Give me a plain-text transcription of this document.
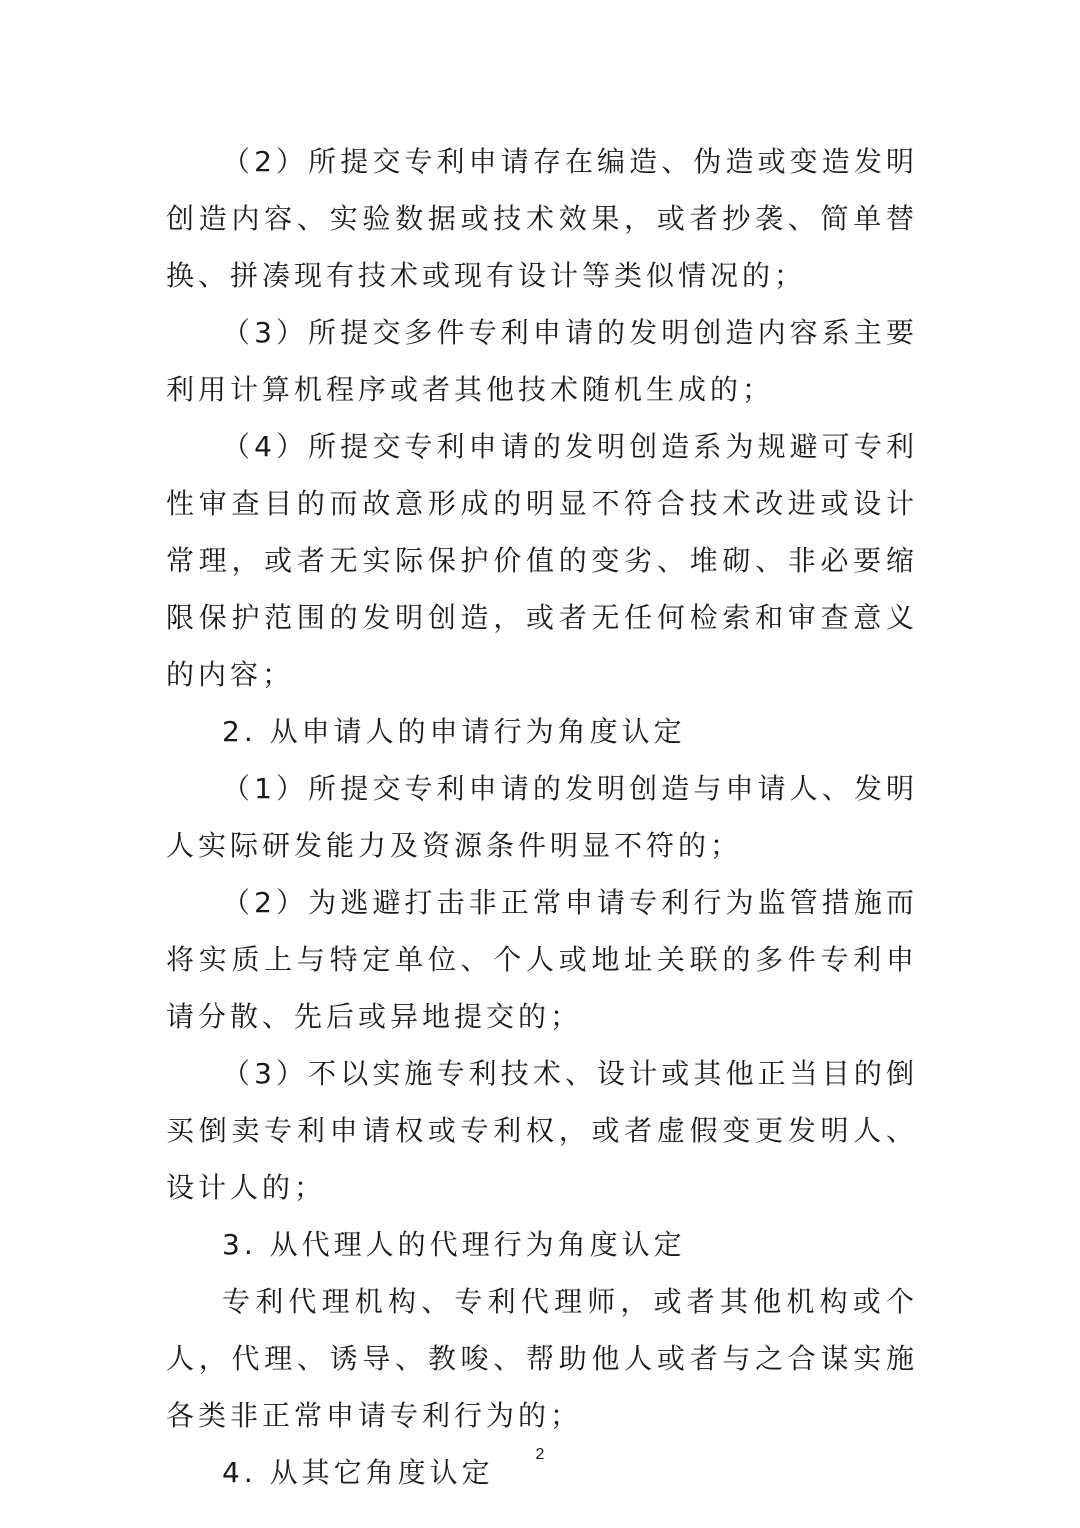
（2）所提交专利申请存在编造、伪造或变造发明创造内容、实验数据或技术效果，或者抄袭、简单替换、拼凑现有技术或现有设计等类似情况的；

（3）所提交多件专利申请的发明创造内容系主要利用计算机程序或者其他技术随机生成的；

（4）所提交专利申请的发明创造系为规避可专利性审查目的而故意形成的明显不符合技术改进或设计常理，或者无实际保护价值的变劣、堆砌、非必要缩限保护范围的发明创造，或者无任何检索和审查意义的内容；

2. 从申请人的申请行为角度认定

（1）所提交专利申请的发明创造与申请人、发明人实际研发能力及资源条件明显不符的；

（2）为逃避打击非正常申请专利行为监管措施而将实质上与特定单位、个人或地址关联的多件专利申请分散、先后或异地提交的；

（3）不以实施专利技术、设计或其他正当目的倒买倒卖专利申请权或专利权，或者虚假变更发明人、设计人的；

3. 从代理人的代理行为角度认定

专利代理机构、专利代理师，或者其他机构或个人，代理、诱导、教唆、帮助他人或者与之合谋实施各类非正常申请专利行为的；

4. 从其它角度认定

2
